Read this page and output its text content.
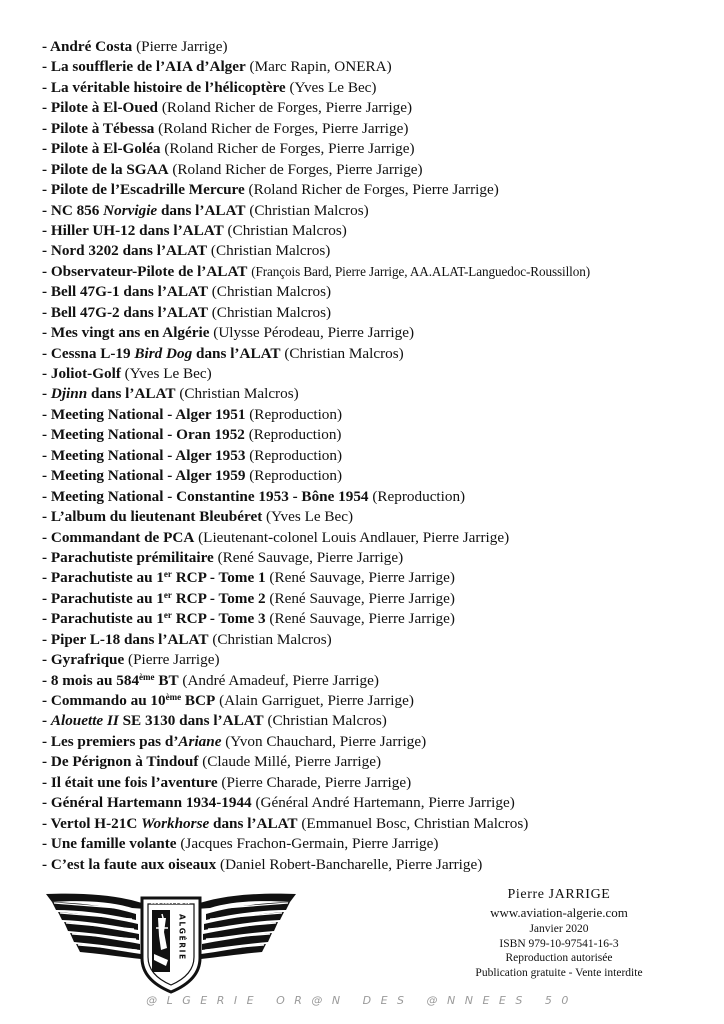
- André Costa (Pierre Jarrige)
- La soufflerie de l’AIA d’Alger (Marc Rapin, ONERA)
- La véritable histoire de l’hélicoptère (Yves Le Bec)
- Pilote à El-Oued (Roland Richer de Forges, Pierre Jarrige)
- Pilote à Tébessa (Roland Richer de Forges, Pierre Jarrige)
- Pilote à El-Goléa (Roland Richer de Forges, Pierre Jarrige)
- Pilote de la SGAA (Roland Richer de Forges, Pierre Jarrige)
- Pilote de l’Escadrille Mercure (Roland Richer de Forges, Pierre Jarrige)
- NC 856 Norvigie dans l’ALAT (Christian Malcros)
- Hiller UH-12 dans l’ALAT (Christian Malcros)
- Nord 3202 dans l’ALAT (Christian Malcros)
- Observateur-Pilote de l’ALAT (François Bard, Pierre Jarrige, AA.ALAT-Languedoc-Roussillon)
- Bell 47G-1 dans l’ALAT (Christian Malcros)
- Bell 47G-2 dans l’ALAT (Christian Malcros)
- Mes vingt ans en Algérie (Ulysse Pérodeau, Pierre Jarrige)
- Cessna L-19 Bird Dog dans l’ALAT (Christian Malcros)
- Joliot-Golf (Yves Le Bec)
- Djinn dans l’ALAT (Christian Malcros)
- Meeting National - Alger 1951 (Reproduction)
- Meeting National - Oran 1952 (Reproduction)
- Meeting National - Alger 1953 (Reproduction)
- Meeting National - Alger 1959 (Reproduction)
- Meeting National - Constantine 1953 - Bône 1954 (Reproduction)
- L’album du lieutenant Bleubéret (Yves Le Bec)
- Commandant de PCA (Lieutenant-colonel Louis Andlauer, Pierre Jarrige)
- Parachutiste prémilitaire (René Sauvage, Pierre Jarrige)
- Parachutiste au 1er RCP - Tome 1 (René Sauvage, Pierre Jarrige)
- Parachutiste au 1er RCP - Tome 2 (René Sauvage, Pierre Jarrige)
- Parachutiste au 1er RCP - Tome 3 (René Sauvage, Pierre Jarrige)
- Piper L-18 dans l’ALAT (Christian Malcros)
- Gyrafrique (Pierre Jarrige)
- 8 mois au 584ème BT (André Amadeuf, Pierre Jarrige)
- Commando au 10ème BCP (Alain Garriguet, Pierre Jarrige)
- Alouette II SE 3130 dans l’ALAT (Christian Malcros)
- Les premiers pas d’Ariane (Yvon Chauchard, Pierre Jarrige)
- De Pérignon à Tindouf (Claude Millé, Pierre Jarrige)
- Il était une fois l’aventure (Pierre Charade, Pierre Jarrige)
- Général Hartemann 1934-1944 (Général André Hartemann, Pierre Jarrige)
- Vertol H-21C Workhorse dans l’ALAT (Emmanuel Bosc, Christian Malcros)
- Une famille volante (Jacques Frachon-Germain, Pierre Jarrige)
- C’est la faute aux oiseaux (Daniel Robert-Bancharelle, Pierre Jarrige)
AVIATION
ALGÉRIE
Pierre JARRIGE
www.aviation-algerie.com
Janvier 2020
ISBN 979-10-97541-16-3
Reproduction autorisée
Publication gratuite - Vente interdite
@LGERIE OR@N DES @NNEES 50
